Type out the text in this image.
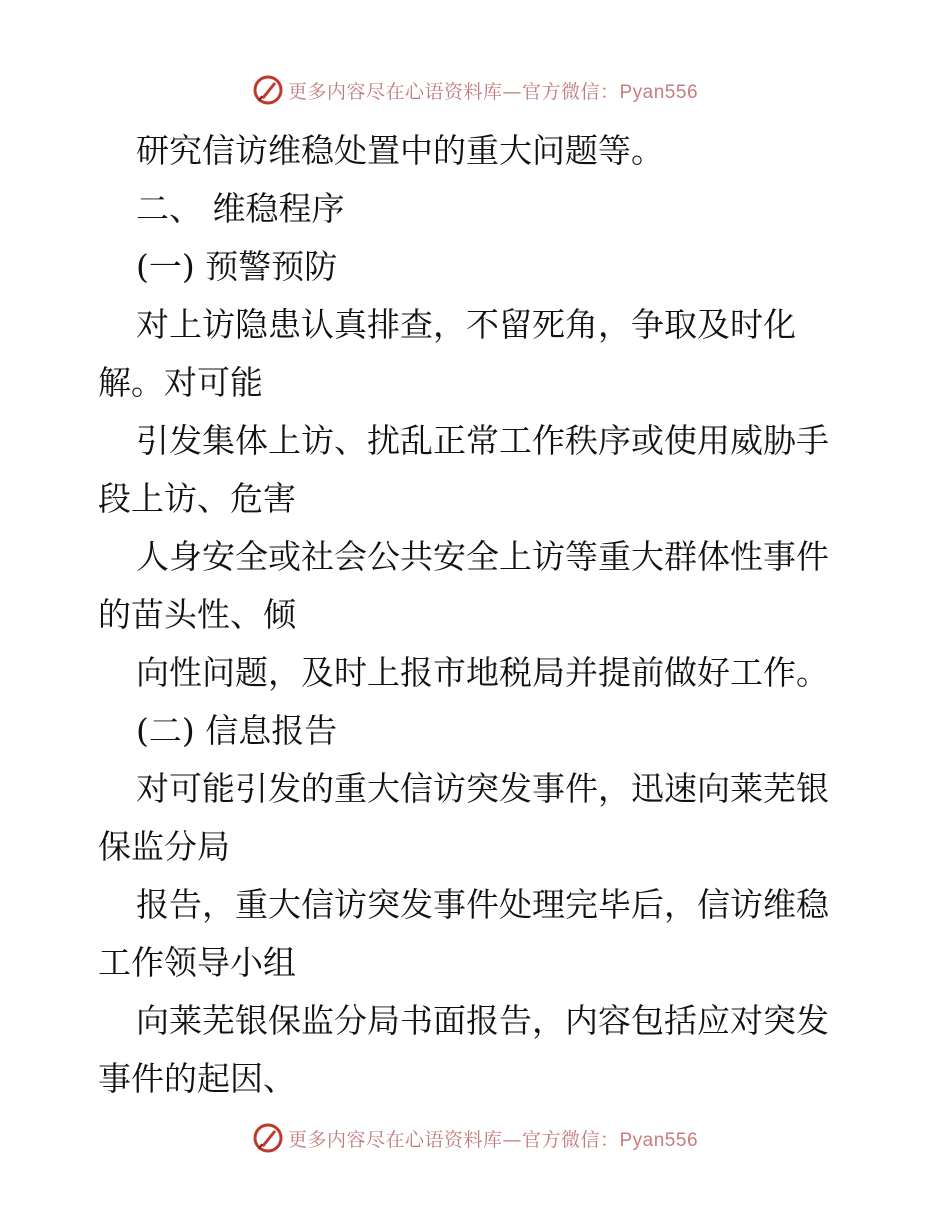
更多内容尽在心语资料库—官方微信：Pyan556
研究信访维稳处置中的重大问题等。
二、 维稳程序
(一) 预警预防
对上访隐患认真排查，不留死角，争取及时化
解。对可能
引发集体上访、扰乱正常工作秩序或使用威胁手
段上访、危害
人身安全或社会公共安全上访等重大群体性事件
的苗头性、倾
向性问题，及时上报市地税局并提前做好工作。
(二) 信息报告
对可能引发的重大信访突发事件，迅速向莱芜银
保监分局
报告，重大信访突发事件处理完毕后，信访维稳
工作领导小组
向莱芜银保监分局书面报告，内容包括应对突发
事件的起因、
更多内容尽在心语资料库—官方微信：Pyan556
